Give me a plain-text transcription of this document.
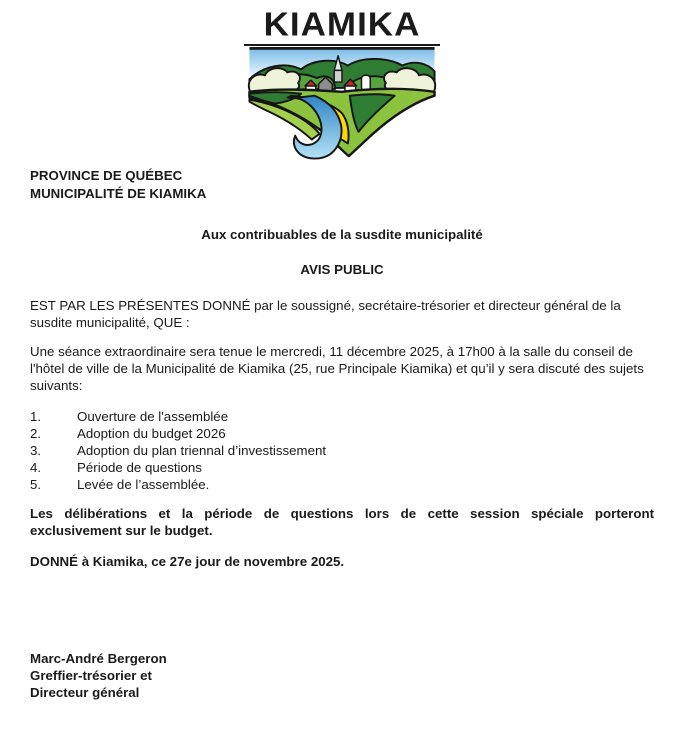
KIAMIKA
PROVINCE DE QUÉBEC
MUNICIPALITÉ DE KIAMIKA
Aux contribuables de la susdite municipalité
AVIS PUBLIC

EST PAR LES PRÉSENTES DONNÉ par le soussigné, secrétaire-trésorier et directeur général de la susdite municipalité, QUE :

Une séance extraordinaire sera tenue le mercredi, 11 décembre 2025, à 17h00 à la salle du conseil de l'hôtel de ville de la Municipalité de Kiamika (25, rue Principale Kiamika) et qu’il y sera discuté des sujets suivants:

1.	Ouverture de l'assemblée
2.	Adoption du budget 2026
3.	Adoption du plan triennal d’investissement
4.	Période de questions
5.	Levée de l’assemblée.

Les délibérations et la période de questions lors de cette session spéciale porteront exclusivement sur le budget.

DONNÉ à Kiamika, ce 27e jour de novembre 2025.

Marc-André Bergeron
Greffier-trésorier et
Directeur général
